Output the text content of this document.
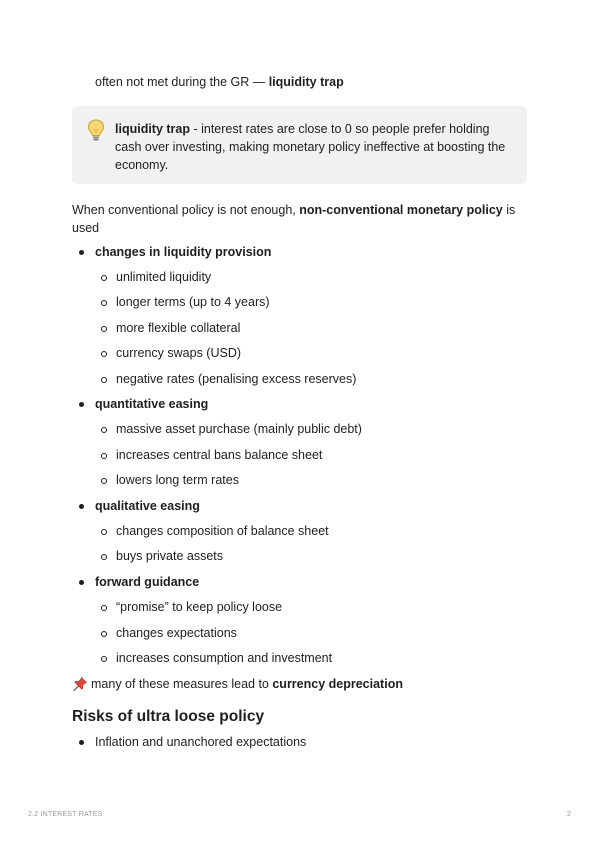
often not met during the GR — liquidity trap
liquidity trap - interest rates are close to 0 so people prefer holding cash over investing, making monetary policy ineffective at boosting the economy.
When conventional policy is not enough, non-conventional monetary policy is used
changes in liquidity provision
unlimited liquidity
longer terms (up to 4 years)
more flexible collateral
currency swaps (USD)
negative rates (penalising excess reserves)
quantitative easing
massive asset purchase (mainly public debt)
increases central bans balance sheet
lowers long term rates
qualitative easing
changes composition of balance sheet
buys private assets
forward guidance
“promise” to keep policy loose
changes expectations
increases consumption and investment
many of these measures lead to currency depreciation
Risks of ultra loose policy
Inflation and unanchored expectations
2.2 INTEREST RATES	2
